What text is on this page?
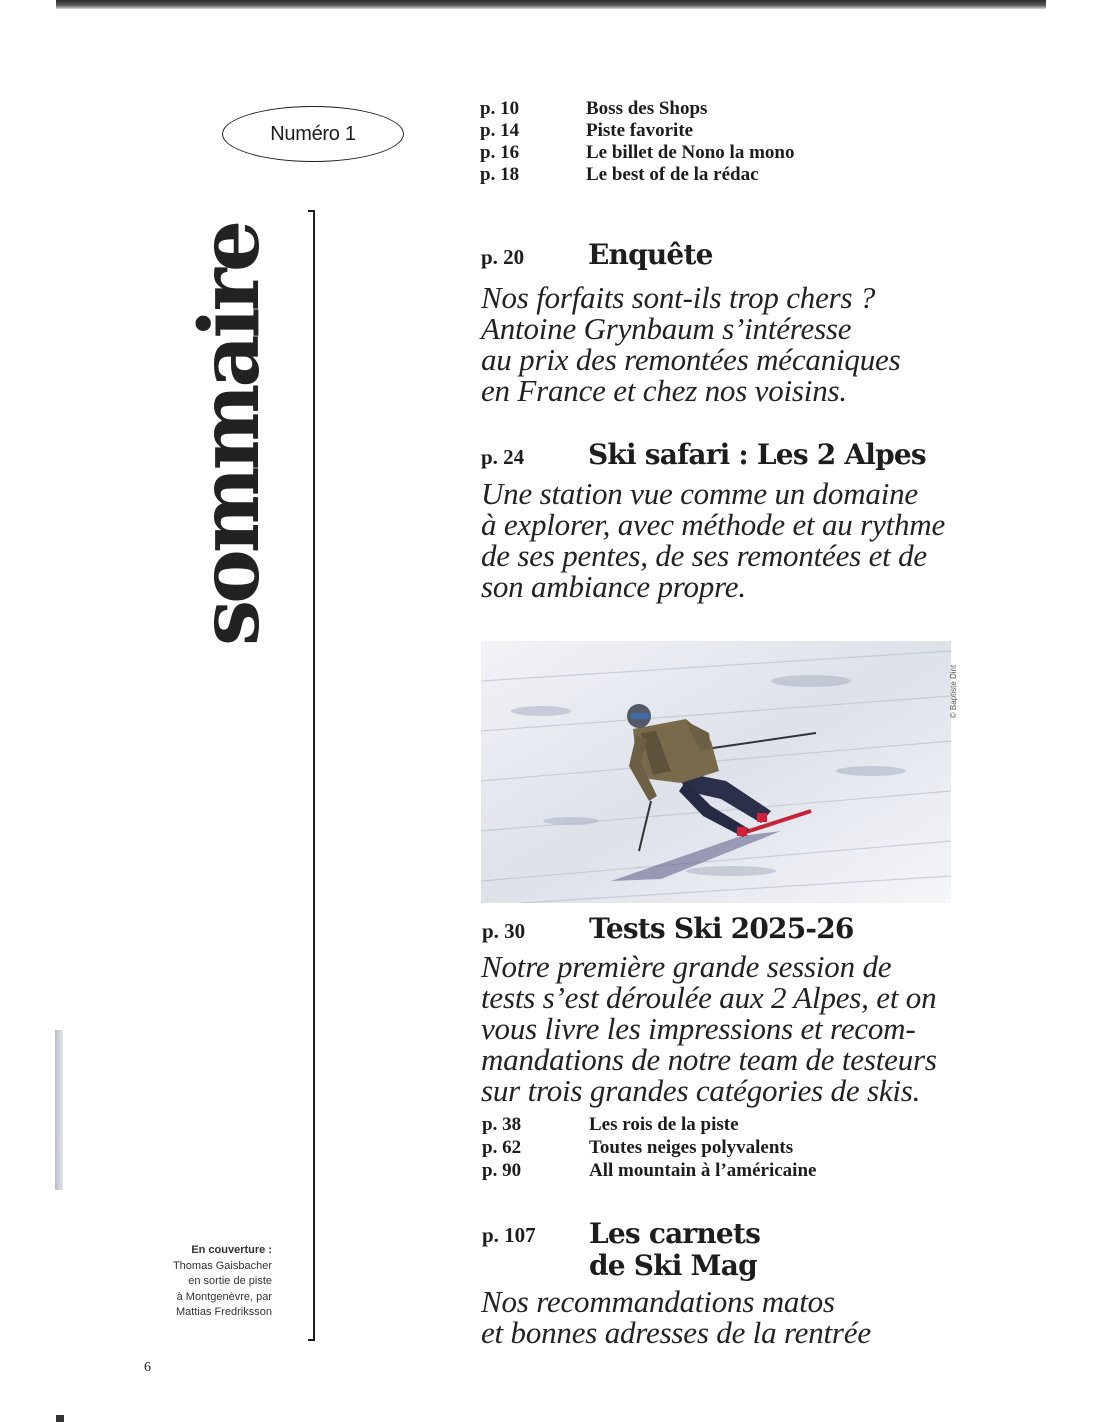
Numéro 1
sommaire
En couverture :
Thomas Gaisbacher
en sortie de piste
à Montgenèvre, par
Mattias Fredriksson
6
p. 10	Boss des Shops
p. 14	Piste favorite
p. 16	Le billet de Nono la mono
p. 18	Le best of de la rédac
p. 20	Enquête
Nos forfaits sont-ils trop chers ?
Antoine Grynbaum s’intéresse
au prix des remontées mécaniques
en France et chez nos voisins.
p. 24	Ski safari : Les 2 Alpes
Une station vue comme un domaine
à explorer, avec méthode et au rythme
de ses pentes, de ses remontées et de
son ambiance propre.
© Baptiste Dint
p. 30	Tests Ski 2025-26
Notre première grande session de
tests s’est déroulée aux 2 Alpes, et on
vous livre les impressions et recom-
mandations de notre team de testeurs
sur trois grandes catégories de skis.
p. 38	Les rois de la piste
p. 62	Toutes neiges polyvalents
p. 90	All mountain à l’américaine
p. 107	Les carnets
de Ski Mag
Nos recommandations matos
et bonnes adresses de la rentrée
